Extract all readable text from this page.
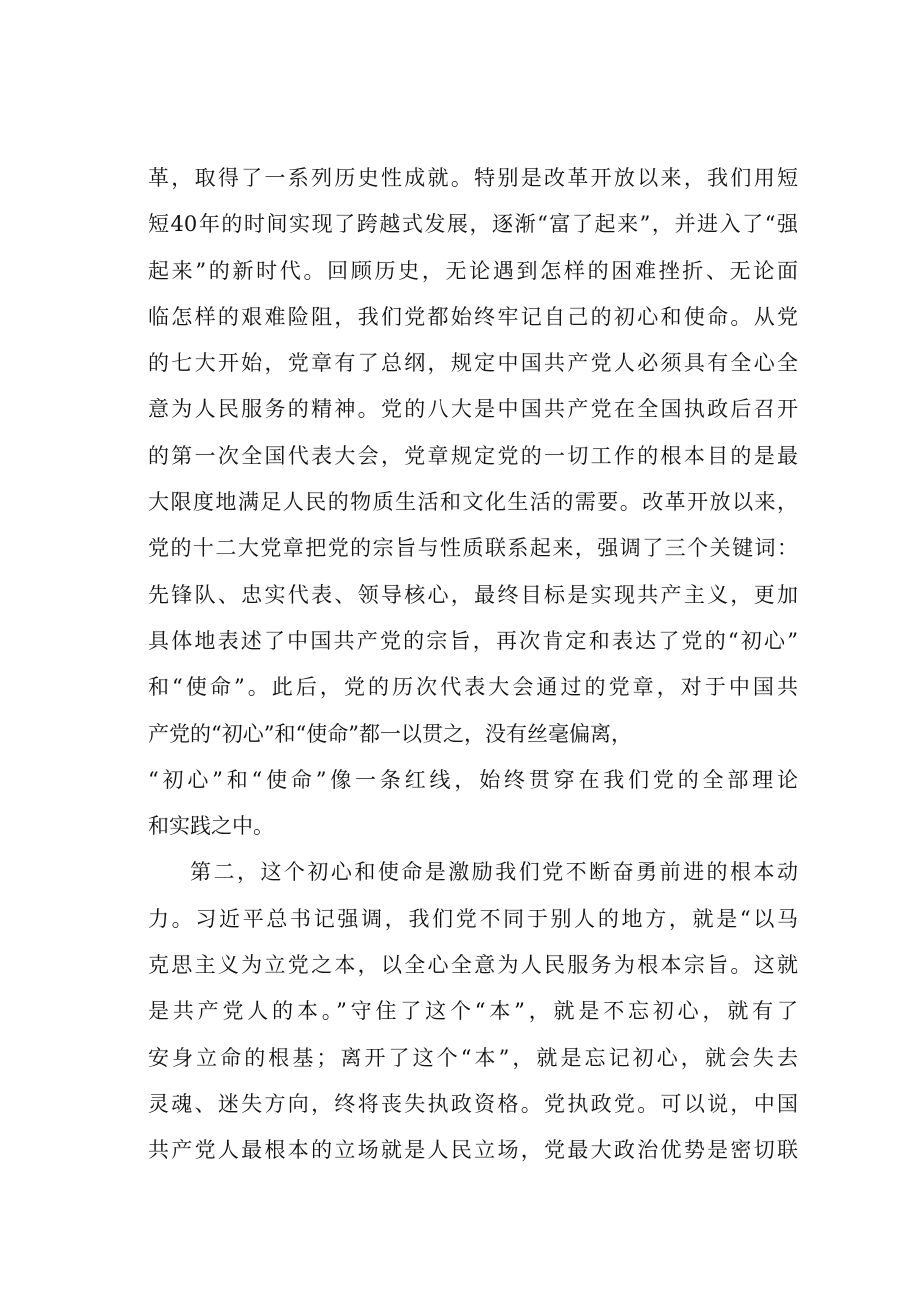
革，取得了一系列历史性成就。特别是改革开放以来，我们用短
短40年的时间实现了跨越式发展，逐渐“富了起来”，并进入了“强
起来”的新时代。回顾历史，无论遇到怎样的困难挫折、无论面
临怎样的艰难险阻，我们党都始终牢记自己的初心和使命。从党
的七大开始，党章有了总纲，规定中国共产党人必须具有全心全
意为人民服务的精神。党的八大是中国共产党在全国执政后召开
的第一次全国代表大会，党章规定党的一切工作的根本目的是最
大限度地满足人民的物质生活和文化生活的需要。改革开放以来，
党的十二大党章把党的宗旨与性质联系起来，强调了三个关键词：
先锋队、忠实代表、领导核心，最终目标是实现共产主义，更加
具体地表述了中国共产党的宗旨，再次肯定和表达了党的“初心”
和“使命”。此后，党的历次代表大会通过的党章，对于中国共
产党的“初心”和“使命”都一以贯之，没有丝毫偏离，
“初心”和“使命”像一条红线，始终贯穿在我们党的全部理论
和实践之中。
第二，这个初心和使命是激励我们党不断奋勇前进的根本动
力。习近平总书记强调，我们党不同于别人的地方，就是“以马
克思主义为立党之本，以全心全意为人民服务为根本宗旨。这就
是共产党人的本。”守住了这个“本”，就是不忘初心，就有了
安身立命的根基；离开了这个“本”，就是忘记初心，就会失去
灵魂、迷失方向，终将丧失执政资格。党执政党。可以说，中国
共产党人最根本的立场就是人民立场，党最大政治优势是密切联
